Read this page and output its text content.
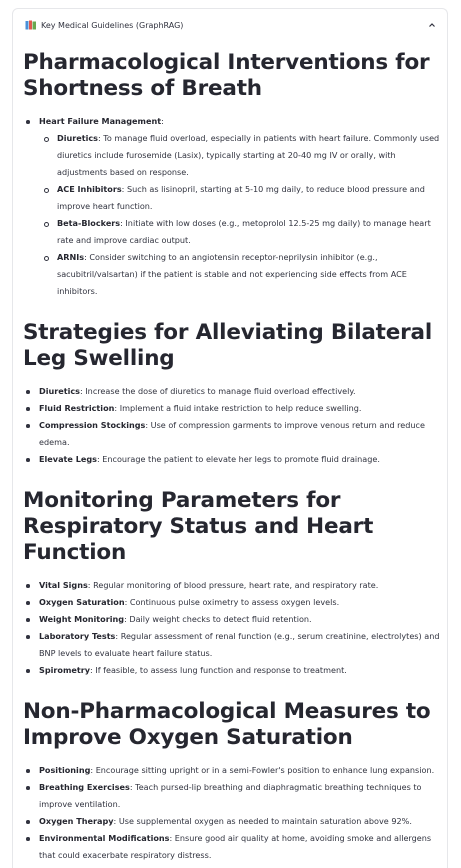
Key Medical Guidelines (GraphRAG)
Pharmacological Interventions for Shortness of Breath
Heart Failure Management:
Diuretics: To manage fluid overload, especially in patients with heart failure. Commonly used diuretics include furosemide (Lasix), typically starting at 20-40 mg IV or orally, with adjustments based on response.
ACE Inhibitors: Such as lisinopril, starting at 5-10 mg daily, to reduce blood pressure and improve heart function.
Beta-Blockers: Initiate with low doses (e.g., metoprolol 12.5-25 mg daily) to manage heart rate and improve cardiac output.
ARNIs: Consider switching to an angiotensin receptor-neprilysin inhibitor (e.g., sacubitril/valsartan) if the patient is stable and not experiencing side effects from ACE inhibitors.
Strategies for Alleviating Bilateral Leg Swelling
Diuretics: Increase the dose of diuretics to manage fluid overload effectively.
Fluid Restriction: Implement a fluid intake restriction to help reduce swelling.
Compression Stockings: Use of compression garments to improve venous return and reduce edema.
Elevate Legs: Encourage the patient to elevate her legs to promote fluid drainage.
Monitoring Parameters for Respiratory Status and Heart Function
Vital Signs: Regular monitoring of blood pressure, heart rate, and respiratory rate.
Oxygen Saturation: Continuous pulse oximetry to assess oxygen levels.
Weight Monitoring: Daily weight checks to detect fluid retention.
Laboratory Tests: Regular assessment of renal function (e.g., serum creatinine, electrolytes) and BNP levels to evaluate heart failure status.
Spirometry: If feasible, to assess lung function and response to treatment.
Non-Pharmacological Measures to Improve Oxygen Saturation
Positioning: Encourage sitting upright or in a semi-Fowler's position to enhance lung expansion.
Breathing Exercises: Teach pursed-lip breathing and diaphragmatic breathing techniques to improve ventilation.
Oxygen Therapy: Use supplemental oxygen as needed to maintain saturation above 92%.
Environmental Modifications: Ensure good air quality at home, avoiding smoke and allergens that could exacerbate respiratory distress.
